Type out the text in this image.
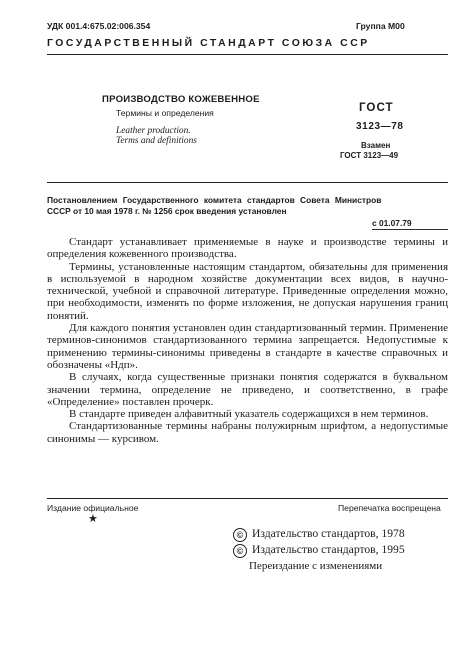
УДК 001.4:675.02:006.354	Группа М00
ГОСУДАРСТВЕННЫЙ СТАНДАРТ СОЮЗА ССР
ПРОИЗВОДСТВО КОЖЕВЕННОЕ
Термины и определения
Leather production.
Terms and definitions
ГОСТ
3123—78
Взамен
ГОСТ 3123—49
Постановлением Государственного комитета стандартов Совета Министров
СССР от 10 мая 1978 г. № 1256 срок введения установлен
с 01.07.79

Стандарт устанавливает применяемые в науке и производстве термины и определения кожевенного производства.

Термины, установленные настоящим стандартом, обязательны для применения в используемой в народном хозяйстве документации всех видов, в научно-технической, учебной и справочной литературе. Приведенные определения можно, при необходимости, изменять по форме изложения, не допуская нарушения границ понятий.

Для каждого понятия установлен один стандартизованный термин. Применение терминов-синонимов стандартизованного термина запрещается. Недопустимые к применению термины-синонимы приведены в стандарте в качестве справочных и обозначены «Ндп».

В случаях, когда существенные признаки понятия содержатся в буквальном значении термина, определение не приведено, и соответственно, в графе «Определение» поставлен прочерк.

В стандарте приведен алфавитный указатель содержащихся в нем терминов.

Стандартизованные термины набраны полужирным шрифтом, а недопустимые синонимы — курсивом.

Издание официальное	Перепечатка воспрещена
★
© Издательство стандартов, 1978
© Издательство стандартов, 1995
Переиздание с изменениями
